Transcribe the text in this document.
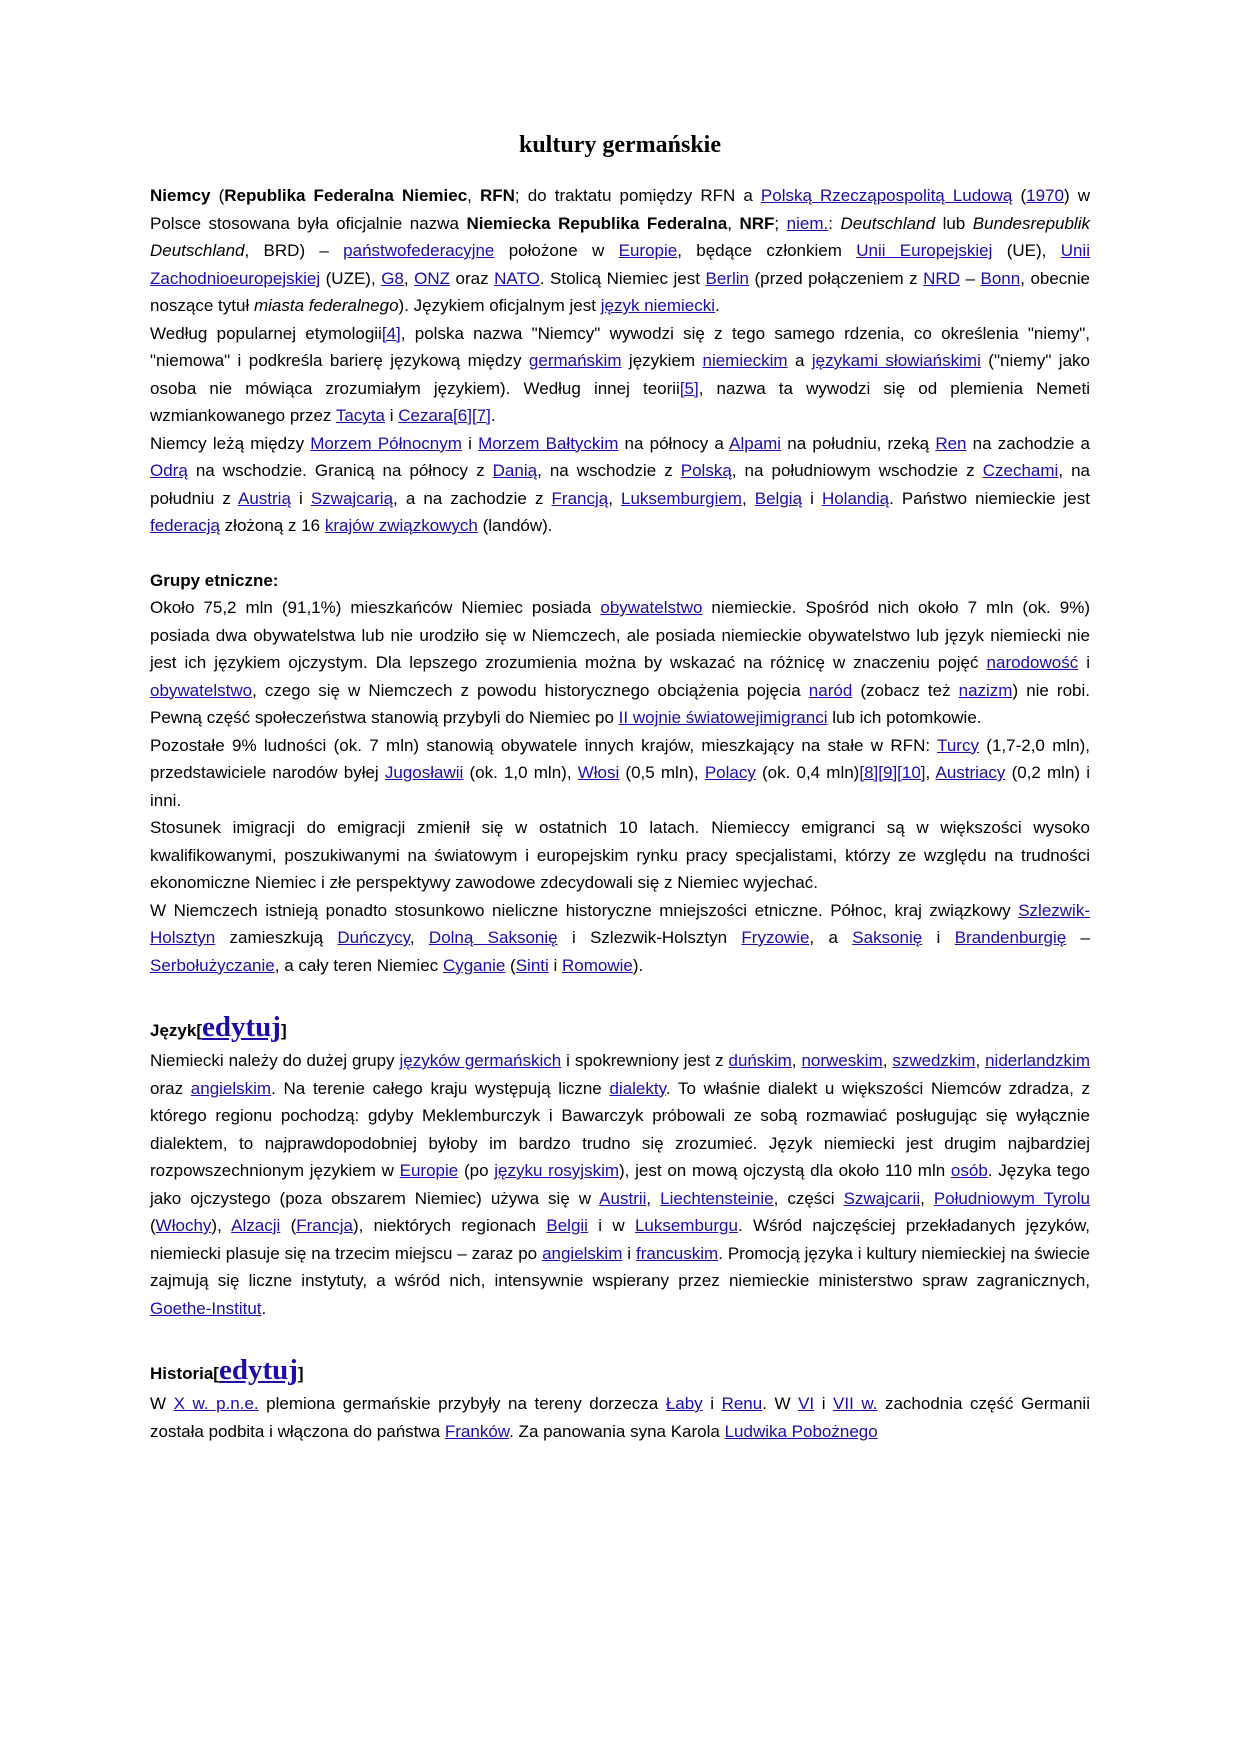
kultury germańskie

Niemcy (Republika Federalna Niemiec, RFN; do traktatu pomiędzy RFN a Polską Rzecząpospolitą Ludową (1970) w Polsce stosowana była oficjalnie nazwa Niemiecka Republika Federalna, NRF; niem.: Deutschland lub Bundesrepublik Deutschland, BRD) – państwofederacyjne położone w Europie, będące członkiem Unii Europejskiej (UE), Unii Zachodnioeuropejskiej (UZE), G8, ONZ oraz NATO. Stolicą Niemiec jest Berlin (przed połączeniem z NRD – Bonn, obecnie noszące tytuł miasta federalnego). Językiem oficjalnym jest język niemiecki.

Według popularnej etymologii[4], polska nazwa "Niemcy" wywodzi się z tego samego rdzenia, co określenia "niemy", "niemowa" i podkreśla barierę językową między germańskim językiem niemieckim a językami słowiańskimi ("niemy" jako osoba nie mówiąca zrozumiałym językiem). Według innej teorii[5], nazwa ta wywodzi się od plemienia Nemeti wzmiankowanego przez Tacyta i Cezara[6][7].

Niemcy leżą między Morzem Północnym i Morzem Bałtyckim na północy a Alpami na południu, rzeką Ren na zachodzie a Odrą na wschodzie. Granicą na północy z Danią, na wschodzie z Polską, na południowym wschodzie z Czechami, na południu z Austrią i Szwajcarią, a na zachodzie z Francją, Luksemburgiem, Belgią i Holandią. Państwo niemieckie jest federacją złożoną z 16 krajów związkowych (landów).

Grupy etniczne:

Około 75,2 mln (91,1%) mieszkańców Niemiec posiada obywatelstwo niemieckie. Spośród nich około 7 mln (ok. 9%) posiada dwa obywatelstwa lub nie urodziło się w Niemczech, ale posiada niemieckie obywatelstwo lub język niemiecki nie jest ich językiem ojczystym. Dla lepszego zrozumienia można by wskazać na różnicę w znaczeniu pojęć narodowość i obywatelstwo, czego się w Niemczech z powodu historycznego obciążenia pojęcia naród (zobacz też nazizm) nie robi. Pewną część społeczeństwa stanowią przybyli do Niemiec po II wojnie światowejimigranci lub ich potomkowie.

Pozostałe 9% ludności (ok. 7 mln) stanowią obywatele innych krajów, mieszkający na stałe w RFN: Turcy (1,7-2,0 mln), przedstawiciele narodów byłej Jugosławii (ok. 1,0 mln), Włosi (0,5 mln), Polacy (ok. 0,4 mln)[8][9][10], Austriacy (0,2 mln) i inni.

Stosunek imigracji do emigracji zmienił się w ostatnich 10 latach. Niemieccy emigranci są w większości wysoko kwalifikowanymi, poszukiwanymi na światowym i europejskim rynku pracy specjalistami, którzy ze względu na trudności ekonomiczne Niemiec i złe perspektywy zawodowe zdecydowali się z Niemiec wyjechać.

W Niemczech istnieją ponadto stosunkowo nieliczne historyczne mniejszości etniczne. Północ, kraj związkowy Szlezwik-Holsztyn zamieszkują Duńczycy, Dolną Saksonię i Szlezwik-Holsztyn Fryzowie, a Saksonię i Brandenburgię – Serbołużyczanie, a cały teren Niemiec Cyganie (Sinti i Romowie).

Język[edytuj]

Niemiecki należy do dużej grupy języków germańskich i spokrewniony jest z duńskim, norweskim, szwedzkim, niderlandzkim oraz angielskim. Na terenie całego kraju występują liczne dialekty. To właśnie dialekt u większości Niemców zdradza, z którego regionu pochodzą: gdyby Meklemburczyk i Bawarczyk próbowali ze sobą rozmawiać posługując się wyłącznie dialektem, to najprawdopodobniej byłoby im bardzo trudno się zrozumieć. Język niemiecki jest drugim najbardziej rozpowszechnionym językiem w Europie (po języku rosyjskim), jest on mową ojczystą dla około 110 mln osób. Języka tego jako ojczystego (poza obszarem Niemiec) używa się w Austrii, Liechtensteinie, części Szwajcarii, Południowym Tyrolu (Włochy), Alzacji (Francja), niektórych regionach Belgii i w Luksemburgu. Wśród najczęściej przekładanych języków, niemiecki plasuje się na trzecim miejscu – zaraz po angielskim i francuskim. Promocją języka i kultury niemieckiej na świecie zajmują się liczne instytuty, a wśród nich, intensywnie wspierany przez niemieckie ministerstwo spraw zagranicznych, Goethe-Institut.

Historia[edytuj]

W X w. p.n.e. plemiona germańskie przybyły na tereny dorzecza Łaby i Renu. W VI i VII w. zachodnia część Germanii została podbita i włączona do państwa Franków. Za panowania syna Karola Ludwika Pobożnego
